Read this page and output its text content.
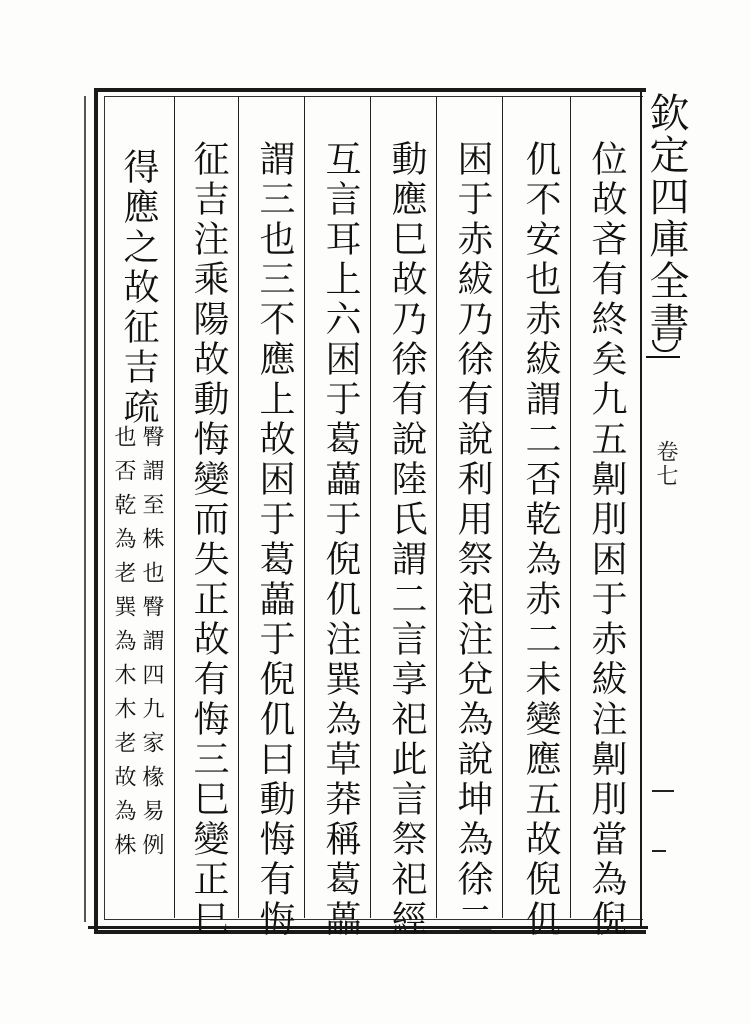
位故吝有終矣九五劓刖困于赤紱注劓刖當為倪
仉不安也赤紱謂二否乾為赤二未變應五故倪仉
困于赤紱乃徐有說利用祭祀注兌為說坤為徐二
動應巳故乃徐有說陸氏謂二言享祀此言祭祀經
互言耳上六困于葛藟于倪仉注巽為草莽稱葛藟
謂三也三不應上故困于葛藟于倪仉曰動悔有悔
征吉注乘陽故動悔變而失正故有悔三巳變正巳
得應之故征吉疏
臀謂至株也臀謂四九家椽易例
也否乾為老巽為木木老故為株
欽定四庫全書
卷七
